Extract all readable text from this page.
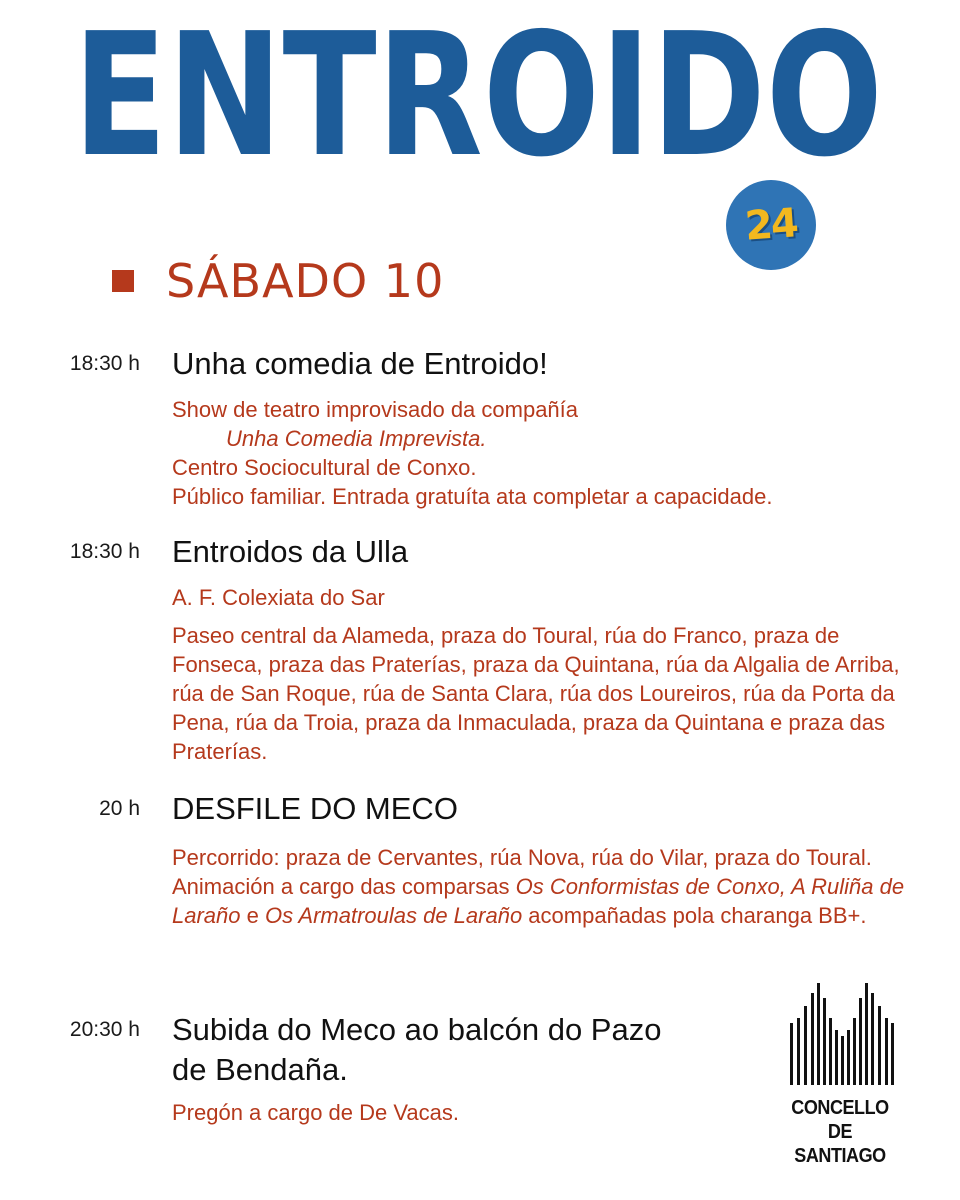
ENTROIDO
24
SÁBADO 10
18:30 h Unha comedia de Entroido!

Show de teatro improvisado da compañía

Unha Comedia Imprevista.

Centro Sociocultural de Conxo.

Público familiar. Entrada gratuíta ata completar a capacidade.

18:30 h Entroidos da Ulla

A. F. Colexiata do Sar

Paseo central da Alameda, praza do Toural, rúa do Franco, praza de Fonseca, praza das Praterías, praza da Quintana, rúa da Algalia de Arriba, rúa de San Roque, rúa de Santa Clara, rúa dos Loureiros, rúa da Porta da Pena, rúa da Troia, praza da Inmaculada, praza da Quintana e praza das Praterías.

20 h DESFILE DO MECO

Percorrido: praza de Cervantes, rúa Nova, rúa do Vilar, praza do Toural.

Animación a cargo das comparsas Os Conformistas de Conxo, A Ruliña de Laraño e Os Armatroulas de Laraño acompañadas pola charanga BB+.

20:30 h Subida do Meco ao balcón do Pazo
de Bendaña.

Pregón a cargo de De Vacas.	CONCELLO DE
SANTIAGO
